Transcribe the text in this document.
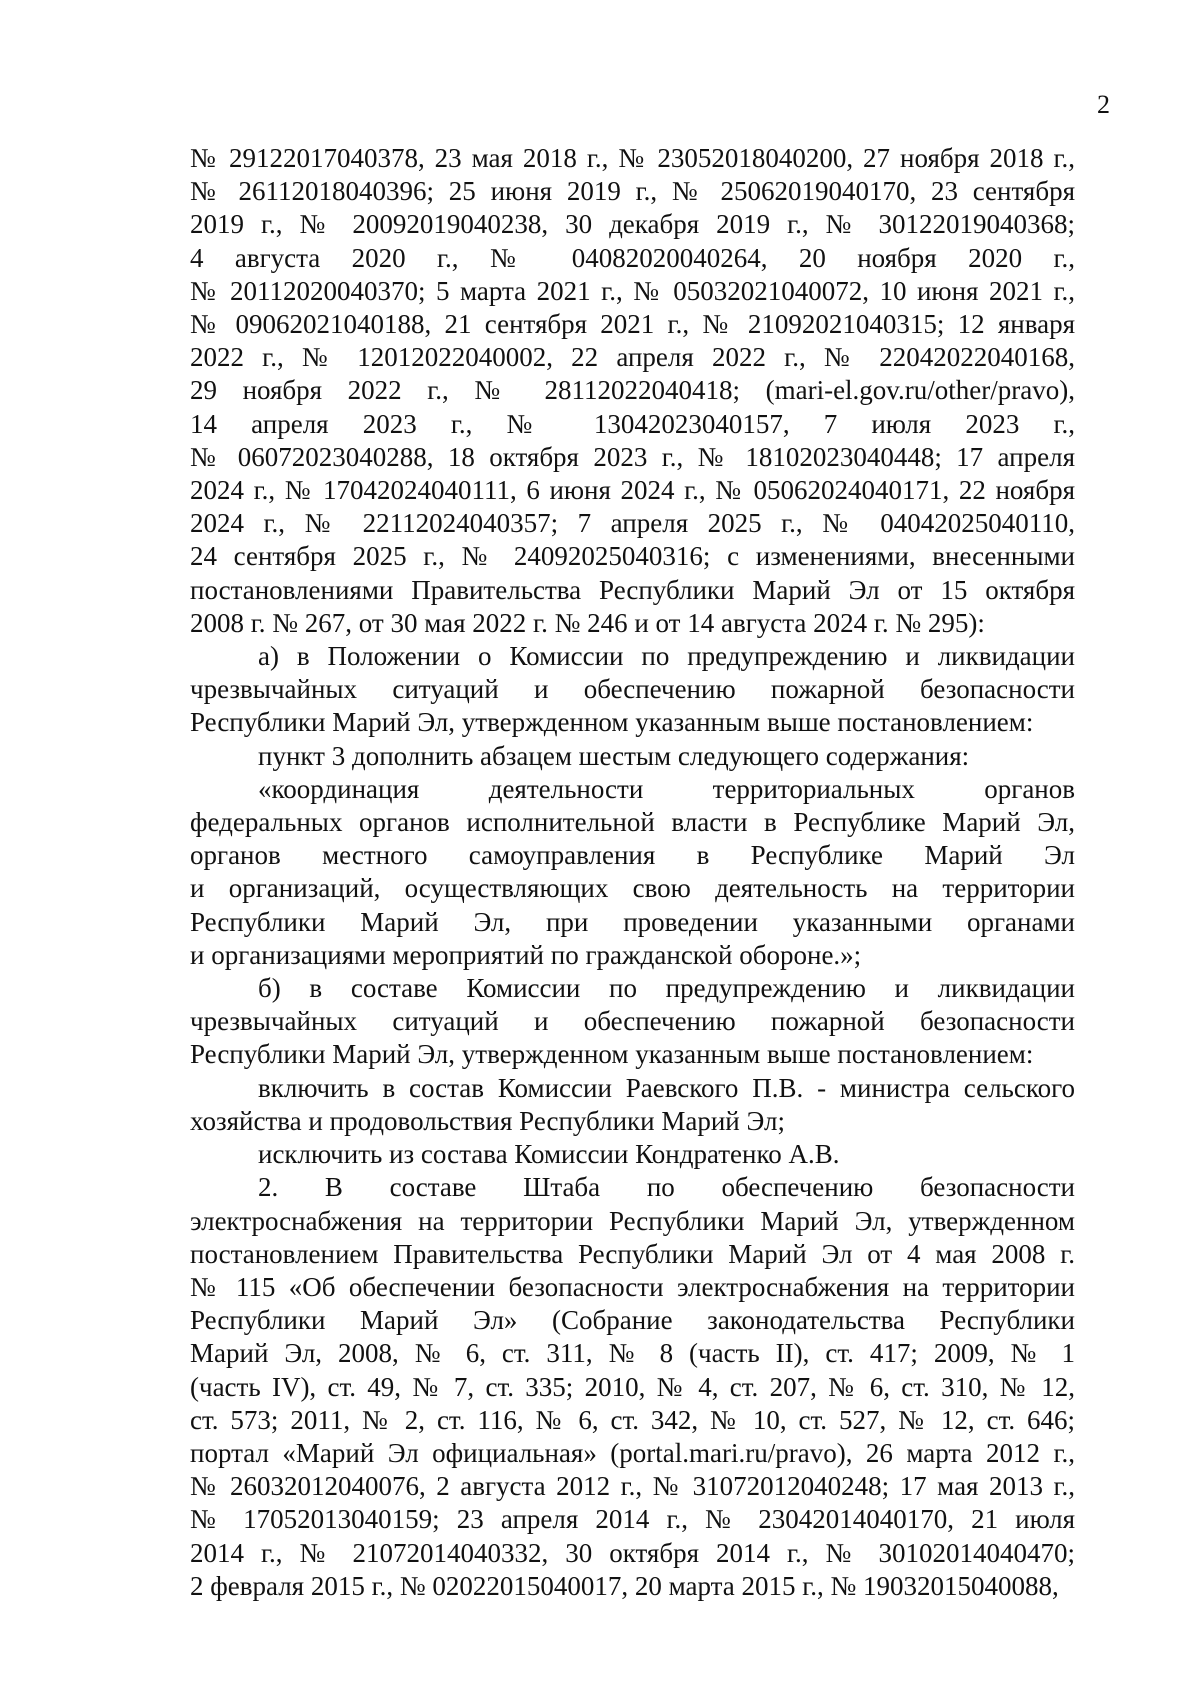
2

№ 29122017040378, 23 мая 2018 г., № 23052018040200, 27 ноября 2018 г.,
№ 26112018040396; 25 июня 2019 г., № 25062019040170, 23 сентября
2019 г., № 20092019040238, 30 декабря 2019 г., № 30122019040368;
4 августа 2020 г., № 04082020040264, 20 ноября 2020 г.,
№ 20112020040370; 5 марта 2021 г., № 05032021040072, 10 июня 2021 г.,
№ 09062021040188, 21 сентября 2021 г., № 21092021040315; 12 января
2022 г., № 12012022040002, 22 апреля 2022 г., № 22042022040168,
29 ноября 2022 г., № 28112022040418; (mari-el.gov.ru/other/pravo),
14 апреля 2023 г., № 13042023040157, 7 июля 2023 г.,
№ 06072023040288, 18 октября 2023 г., № 18102023040448; 17 апреля
2024 г., № 17042024040111, 6 июня 2024 г., № 05062024040171, 22 ноября
2024 г., № 22112024040357; 7 апреля 2025 г., № 04042025040110,
24 сентября 2025 г., № 24092025040316; с изменениями, внесенными
постановлениями Правительства Республики Марий Эл от 15 октября
2008 г. № 267, от 30 мая 2022 г. № 246 и от 14 августа 2024 г. № 295):

а) в Положении о Комиссии по предупреждению и ликвидации
чрезвычайных ситуаций и обеспечению пожарной безопасности
Республики Марий Эл, утвержденном указанным выше постановлением:

пункт 3 дополнить абзацем шестым следующего содержания:

«координация деятельности территориальных органов
федеральных органов исполнительной власти в Республике Марий Эл,
органов местного самоуправления в Республике Марий Эл
и организаций, осуществляющих свою деятельность на территории
Республики Марий Эл, при проведении указанными органами
и организациями мероприятий по гражданской обороне.»;

б) в составе Комиссии по предупреждению и ликвидации
чрезвычайных ситуаций и обеспечению пожарной безопасности
Республики Марий Эл, утвержденном указанным выше постановлением:

включить в состав Комиссии Раевского П.В. - министра сельского
хозяйства и продовольствия Республики Марий Эл;

исключить из состава Комиссии Кондратенко А.В.

2. В составе Штаба по обеспечению безопасности
электроснабжения на территории Республики Марий Эл, утвержденном
постановлением Правительства Республики Марий Эл от 4 мая 2008 г.
№ 115 «Об обеспечении безопасности электроснабжения на территории
Республики Марий Эл» (Собрание законодательства Республики
Марий Эл, 2008, № 6, ст. 311, № 8 (часть II), ст. 417; 2009, № 1
(часть IV), ст. 49, № 7, ст. 335; 2010, № 4, ст. 207, № 6, ст. 310, № 12,
ст. 573; 2011, № 2, ст. 116, № 6, ст. 342, № 10, ст. 527, № 12, ст. 646;
портал «Марий Эл официальная» (portal.mari.ru/pravo), 26 марта 2012 г.,
№ 26032012040076, 2 августа 2012 г., № 31072012040248; 17 мая 2013 г.,
№ 17052013040159; 23 апреля 2014 г., № 23042014040170, 21 июля
2014 г., № 21072014040332, 30 октября 2014 г., № 30102014040470;
2 февраля 2015 г., № 02022015040017, 20 марта 2015 г., № 19032015040088,
